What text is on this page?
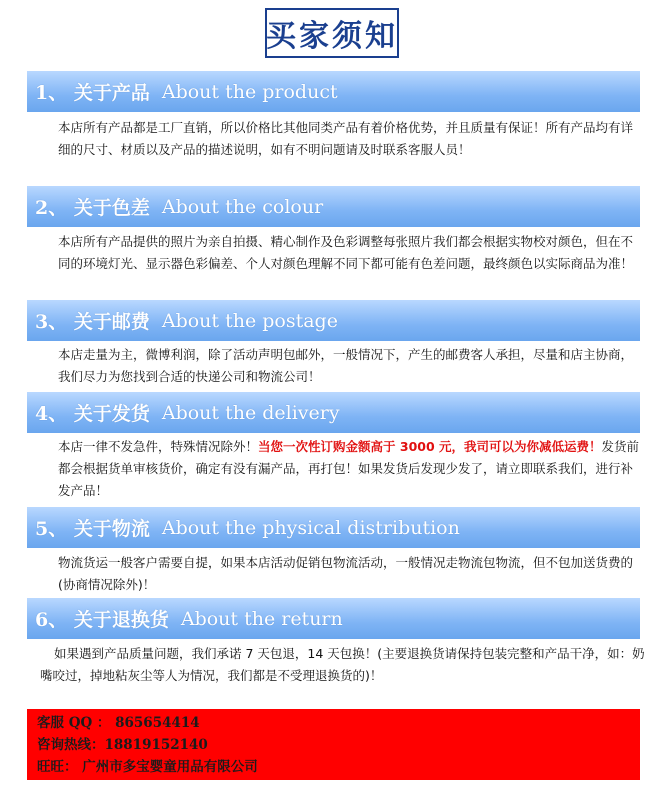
买家须知
1、 关于产品 About the product
本店所有产品都是工厂直销，所以价格比其他同类产品有着价格优势，并且质量有保证！所有产品均有详细的尺寸、材质以及产品的描述说明，如有不明问题请及时联系客服人员！
2、 关于色差 About the colour
本店所有产品提供的照片为亲自拍摄、精心制作及色彩调整每张照片我们都会根据实物校对颜色，但在不同的环境灯光、显示器色彩偏差、个人对颜色理解不同下都可能有色差问题，最终颜色以实际商品为准！
3、 关于邮费 About the postage
本店走量为主，微博利润，除了活动声明包邮外，一般情况下，产生的邮费客人承担，尽量和店主协商，我们尽力为您找到合适的快递公司和物流公司！
4、 关于发货 About the delivery
本店一律不发急件，特殊情况除外！当您一次性订购金额高于 3000 元，我司可以为你减低运费！发货前都会根据货单审核货价，确定有没有漏产品，再打包！如果发货后发现少发了，请立即联系我们，进行补发产品！
5、 关于物流 About the physical distribution
物流货运一般客户需要自提，如果本店活动促销包物流活动，一般情况走物流包物流，但不包加送货费的(协商情况除外)！
6、 关于退换货 About the return
如果遇到产品质量问题，我们承诺 7 天包退，14 天包换！(主要退换货请保持包装完整和产品干净，如：奶嘴咬过，掉地粘灰尘等人为情况，我们都是不受理退换货的)！
客服 QQ ： 865654414
咨询热线：18819152140
旺旺： 广州市多宝婴童用品有限公司
